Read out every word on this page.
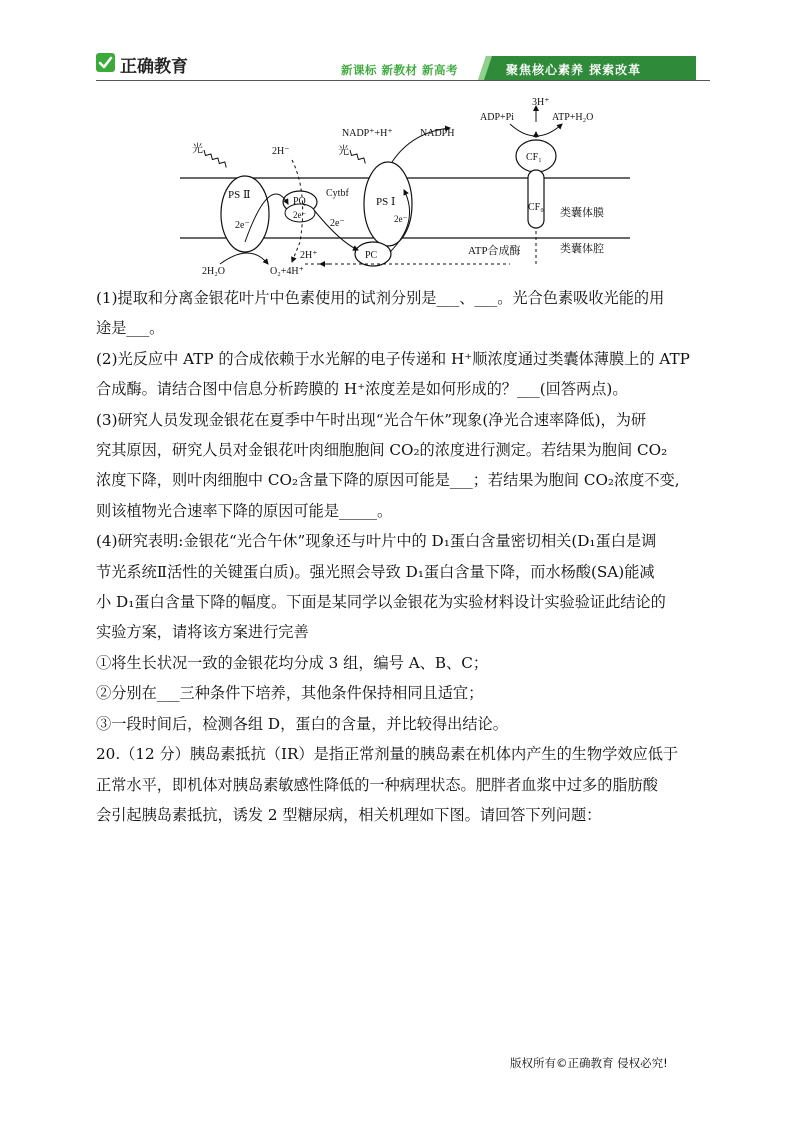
正确教育	新课标 新教材 新高考	聚焦核心素养 探索改革
PS Ⅱ
2e⁻
PQ
2e⁻
Cytbf
2e⁻
PS Ⅰ
2e⁻
PC
光	光
2H⁻
NADP⁺+H⁺	NADPH
2H⁺
2H₂O	O₂+4H⁺
CF₁
CF₀
3H⁺
ADP+Pi	ATP+H₂O
类囊体膜
类囊体腔
ATP合成酶

(1)提取和分离金银花叶片中色素使用的试剂分别是___、___。光合色素吸收光能的用

途是___。

(2)光反应中 ATP 的合成依赖于水光解的电子传递和 H⁺顺浓度通过类囊体薄膜上的 ATP

合成酶。请结合图中信息分析跨膜的 H⁺浓度差是如何形成的？___(回答两点)。

(3)研究人员发现金银花在夏季中午时出现“光合午休”现象(净光合速率降低)，为研

究其原因，研究人员对金银花叶肉细胞胞间 CO₂的浓度进行测定。若结果为胞间 CO₂

浓度下降，则叶肉细胞中 CO₂含量下降的原因可能是___；若结果为胞间 CO₂浓度不变,

则该植物光合速率下降的原因可能是_____。

(4)研究表明:金银花“光合午休”现象还与叶片中的 D₁蛋白含量密切相关(D₁蛋白是调

节光系统Ⅱ活性的关键蛋白质)。强光照会导致 D₁蛋白含量下降，而水杨酸(SA)能减

小 D₁蛋白含量下降的幅度。下面是某同学以金银花为实验材料设计实验验证此结论的

实验方案，请将该方案进行完善

①将生长状况一致的金银花均分成 3 组，编号 A、B、C；

②分别在___三种条件下培养，其他条件保持相同且适宜；

③一段时间后，检测各组 D，蛋白的含量，并比较得出结论。

20.（12 分）胰岛素抵抗（IR）是指正常剂量的胰岛素在机体内产生的生物学效应低于

正常水平，即机体对胰岛素敏感性降低的一种病理状态。肥胖者血浆中过多的脂肪酸

会引起胰岛素抵抗，诱发 2 型糖尿病，相关机理如下图。请回答下列问题：

版权所有©正确教育 侵权必究!
